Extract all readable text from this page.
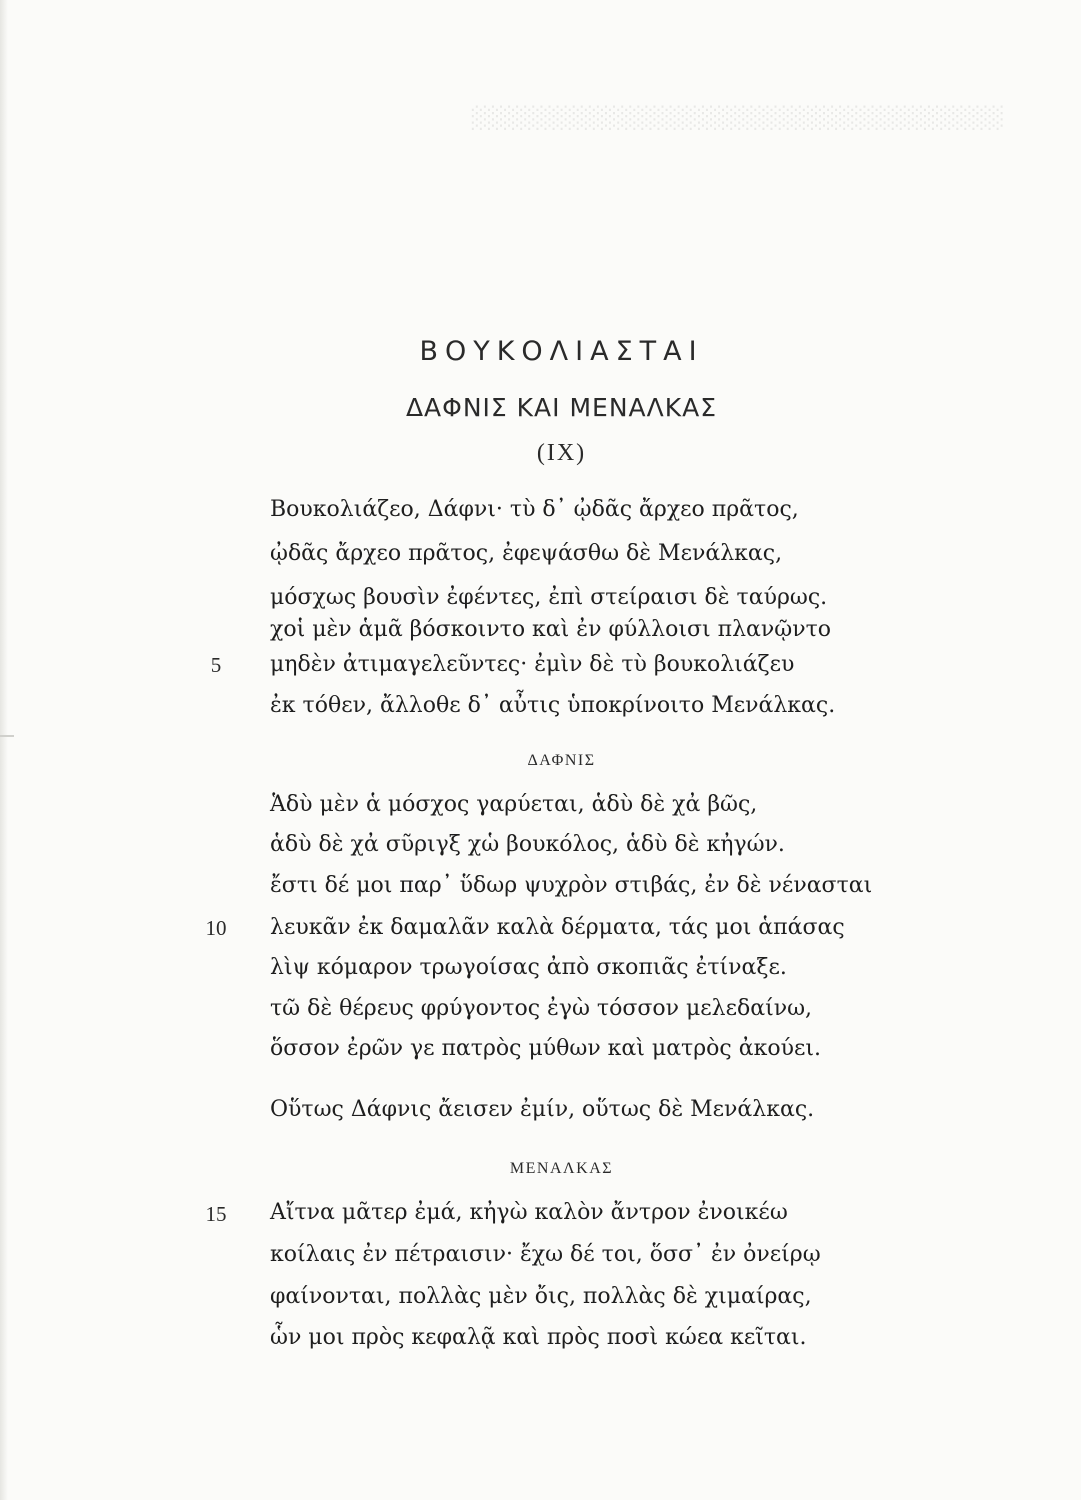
░░░░░░░░░░░░░░░░░░░░░░░░░░░░░░░░░

ΒΟΥΚΟΛΙΑΣΤΑΙ
ΔΑΦΝΙΣ ΚΑΙ ΜΕΝΑΛΚΑΣ
(IX)
Βουκολιάζεο, Δάφνι· τὺ δ᾽ ᾠδᾶς ἄρχεο πρᾶτος,
ᾠδᾶς ἄρχεο πρᾶτος, ἐφεψάσθω δὲ Μενάλκας,
μόσχως βουσὶν ἐφέντες, ἐπὶ στείραισι δὲ ταύρως.
χοἱ μὲν ἁμᾶ βόσκοιντο καὶ ἐν φύλλοισι πλανῷντο
5	μηδὲν ἀτιμαγελεῦντες· ἐμὶν δὲ τὺ βουκολιάζευ
ἐκ τόθεν, ἄλλοθε δ᾽ αὖτις ὑποκρίνοιτο Μενάλκας.
ΔΑΦΝΙΣ
Ἁδὺ μὲν ἁ μόσχος γαρύεται, ἁδὺ δὲ χἀ βῶς,
ἁδὺ δὲ χἀ σῦριγξ χὡ βουκόλος, ἁδὺ δὲ κἠγών.
ἔστι δέ μοι παρ᾽ ὕδωρ ψυχρὸν στιβάς, ἐν δὲ νένασται
10	λευκᾶν ἐκ δαμαλᾶν καλὰ δέρματα, τάς μοι ἁπάσας
λὶψ κόμαρον τρωγοίσας ἀπὸ σκοπιᾶς ἐτίναξε.
τῶ δὲ θέρευς φρύγοντος ἐγὼ τόσσον μελεδαίνω,
ὅσσον ἐρῶν γε πατρὸς μύθων καὶ ματρὸς ἀκούει.
Οὕτως Δάφνις ἄεισεν ἐμίν, οὕτως δὲ Μενάλκας.
ΜΕΝΑΛΚΑΣ
15	Αἴτνα μᾶτερ ἐμά, κἠγὼ καλὸν ἄντρον ἐνοικέω
κοίλαις ἐν πέτραισιν· ἔχω δέ τοι, ὅσσ᾽ ἐν ὀνείρῳ
φαίνονται, πολλὰς μὲν ὄις, πολλὰς δὲ χιμαίρας,
ὧν μοι πρὸς κεφαλᾷ καὶ πρὸς ποσὶ κώεα κεῖται.
